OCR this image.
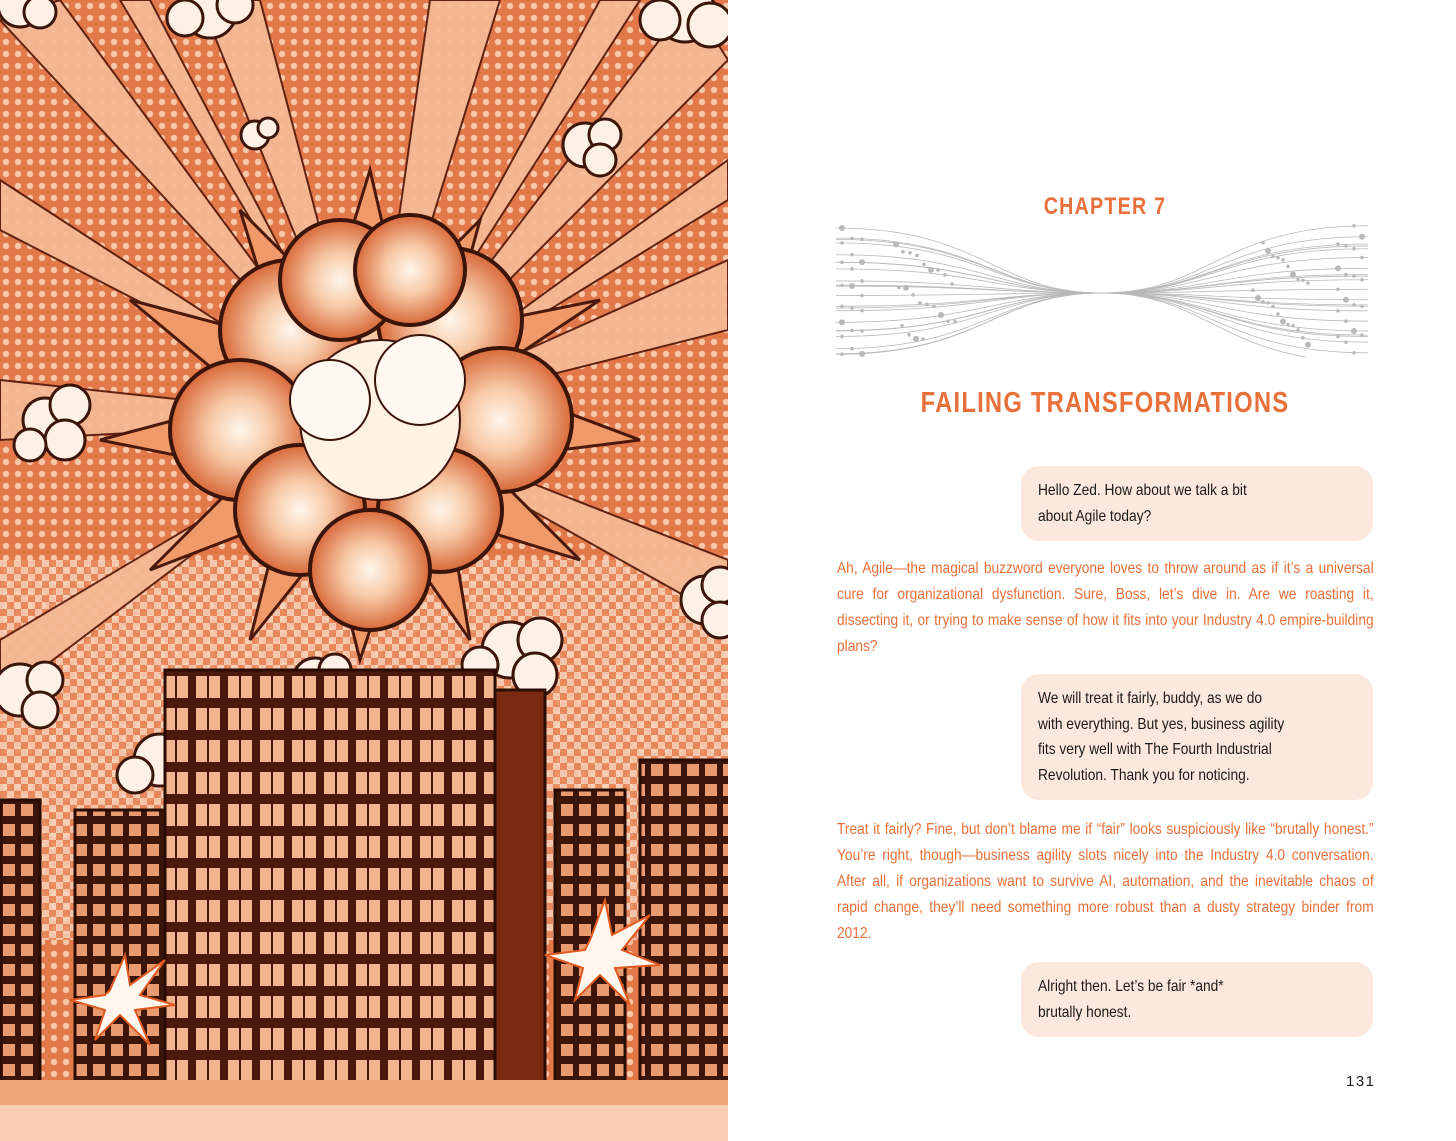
CHAPTER 7
FAILING TRANSFORMATIONS
Hello Zed. How about we talk a bit
about Agile today?
Ah, Agile—the magical buzzword everyone loves to throw around as if it’s a universal cure for organizational dysfunction. Sure, Boss, let’s dive in. Are we roasting it, dissecting it, or trying to make sense of how it fits into your Industry 4.0 empire-building plans?
We will treat it fairly, buddy, as we do
with everything. But yes, business agility
fits very well with The Fourth Industrial
Revolution. Thank you for noticing.
Treat it fairly? Fine, but don’t blame me if “fair” looks suspiciously like “brutally honest.” You’re right, though—business agility slots nicely into the Industry 4.0 conversation. After all, if organizations want to survive AI, automation, and the inevitable chaos of rapid change, they’ll need something more robust than a dusty strategy binder from 2012.
Alright then. Let’s be fair *and*
brutally honest.
131
